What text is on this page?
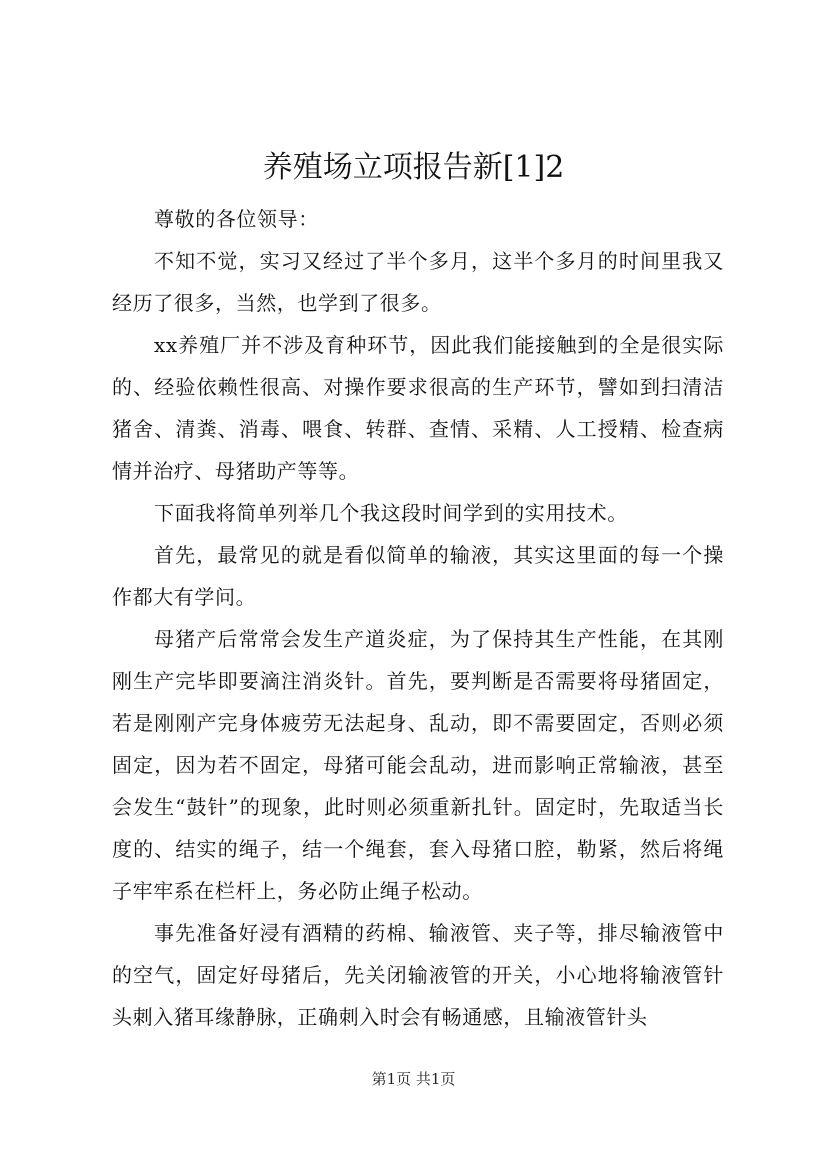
养殖场立项报告新[1]2

尊敬的各位领导：

不知不觉，实习又经过了半个多月，这半个多月的时间里我又经历了很多，当然，也学到了很多。

xx养殖厂并不涉及育种环节，因此我们能接触到的全是很实际的、经验依赖性很高、对操作要求很高的生产环节，譬如到扫清洁猪舍、清粪、消毒、喂食、转群、查情、采精、人工授精、检查病情并治疗、母猪助产等等。

下面我将简单列举几个我这段时间学到的实用技术。

首先，最常见的就是看似简单的输液，其实这里面的每一个操作都大有学问。

母猪产后常常会发生产道炎症，为了保持其生产性能，在其刚刚生产完毕即要滴注消炎针。首先，要判断是否需要将母猪固定，若是刚刚产完身体疲劳无法起身、乱动，即不需要固定，否则必须固定，因为若不固定，母猪可能会乱动，进而影响正常输液，甚至会发生“鼓针”的现象，此时则必须重新扎针。固定时，先取适当长度的、结实的绳子，结一个绳套，套入母猪口腔，勒紧，然后将绳子牢牢系在栏杆上，务必防止绳子松动。

事先准备好浸有酒精的药棉、输液管、夹子等，排尽输液管中的空气，固定好母猪后，先关闭输液管的开关，小心地将输液管针头刺入猪耳缘静脉，正确刺入时会有畅通感，且输液管针头

第1页 共1页
